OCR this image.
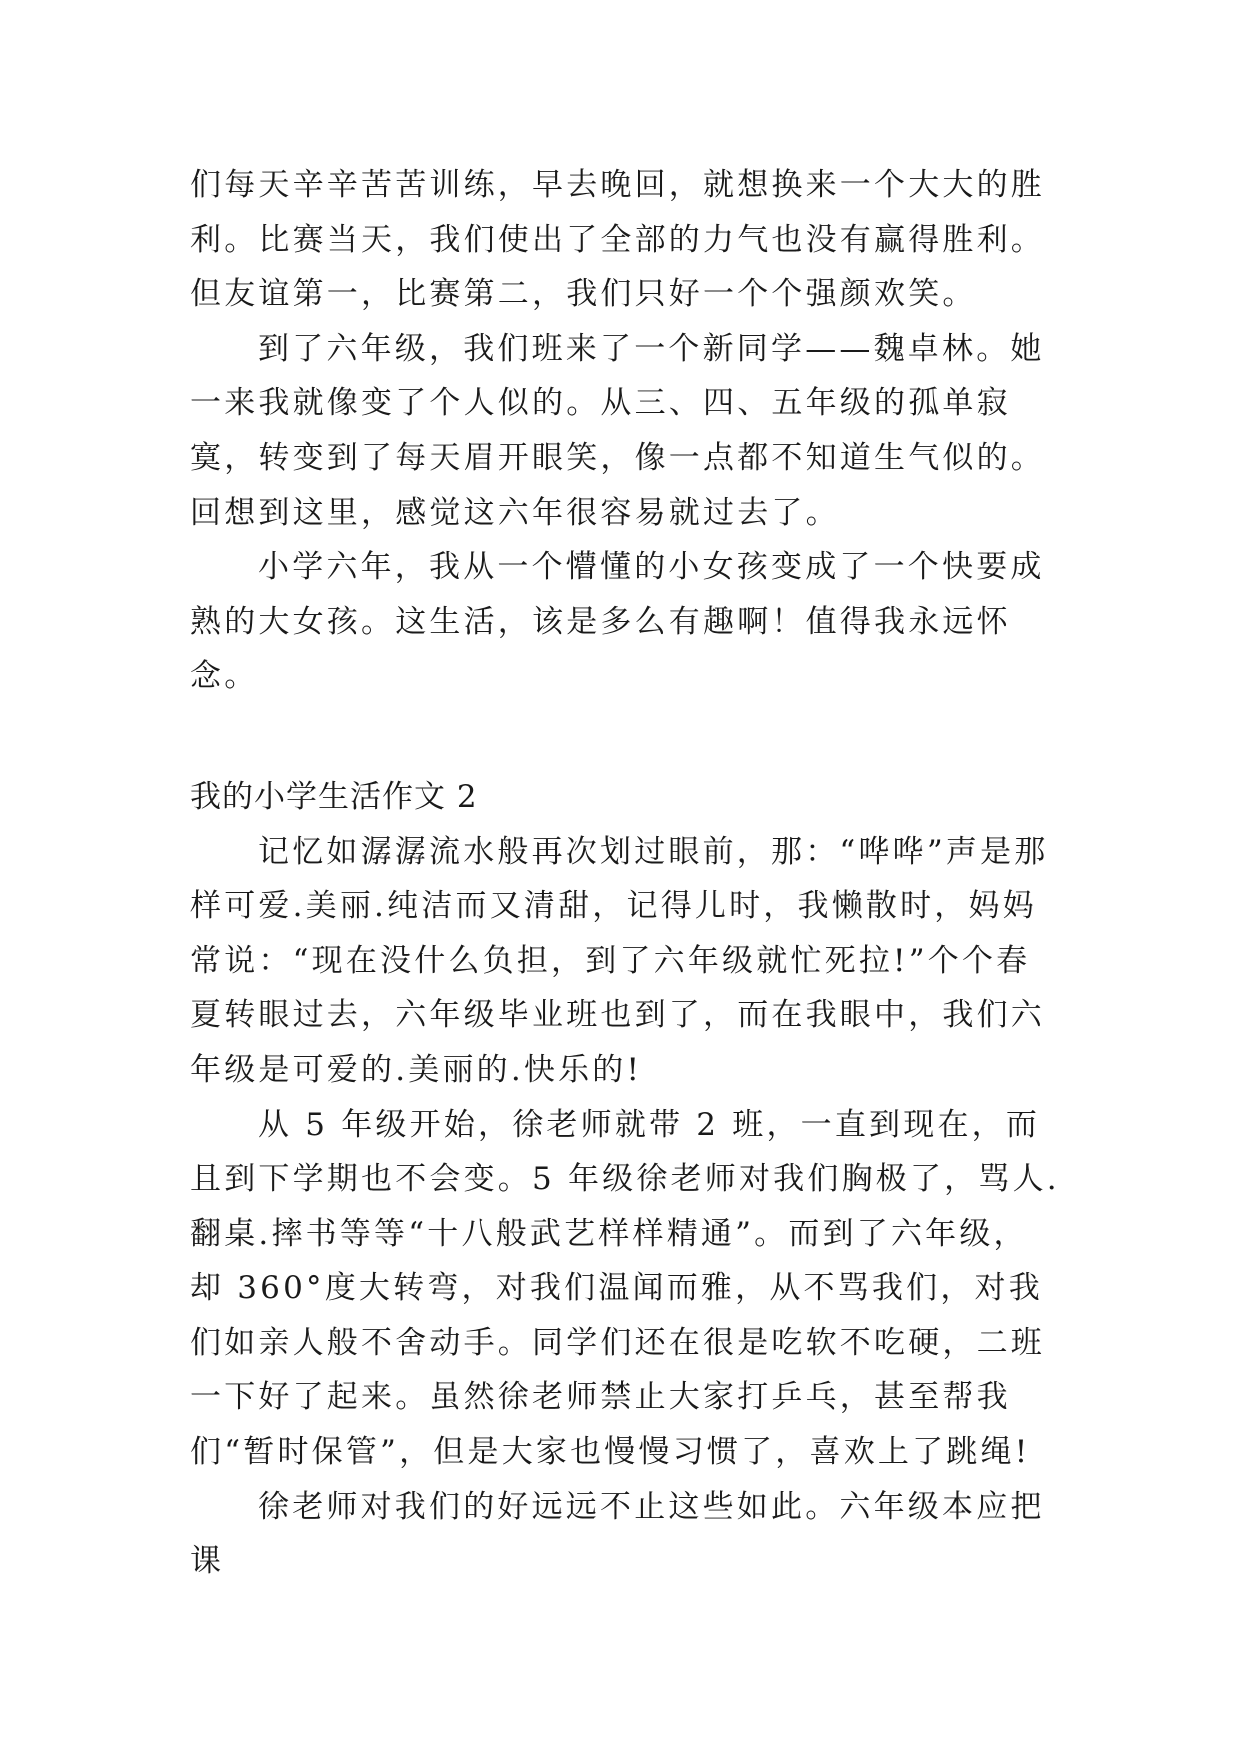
们每天辛辛苦苦训练，早去晚回，就想换来一个大大的胜利。比赛当天，我们使出了全部的力气也没有赢得胜利。但友谊第一，比赛第二，我们只好一个个强颜欢笑。

到了六年级，我们班来了一个新同学——魏卓林。她一来我就像变了个人似的。从三、四、五年级的孤单寂寞，转变到了每天眉开眼笑，像一点都不知道生气似的。回想到这里，感觉这六年很容易就过去了。

小学六年，我从一个懵懂的小女孩变成了一个快要成熟的大女孩。这生活，该是多么有趣啊！值得我永远怀念。

我的小学生活作文 2

记忆如潺潺流水般再次划过眼前，那：“哗哗”声是那样可爱.美丽.纯洁而又清甜，记得儿时，我懒散时，妈妈常说：“现在没什么负担，到了六年级就忙死拉!”个个春夏转眼过去，六年级毕业班也到了，而在我眼中，我们六年级是可爱的.美丽的.快乐的!

从 5 年级开始，徐老师就带 2 班，一直到现在，而且到下学期也不会变。5 年级徐老师对我们胸极了，骂人.翻桌.摔书等等“十八般武艺样样精通”。而到了六年级，却 360°度大转弯，对我们温闻而雅，从不骂我们，对我们如亲人般不舍动手。同学们还在很是吃软不吃硬，二班一下好了起来。虽然徐老师禁止大家打乒乓，甚至帮我们“暂时保管”，但是大家也慢慢习惯了，喜欢上了跳绳!

徐老师对我们的好远远不止这些如此。六年级本应把课
